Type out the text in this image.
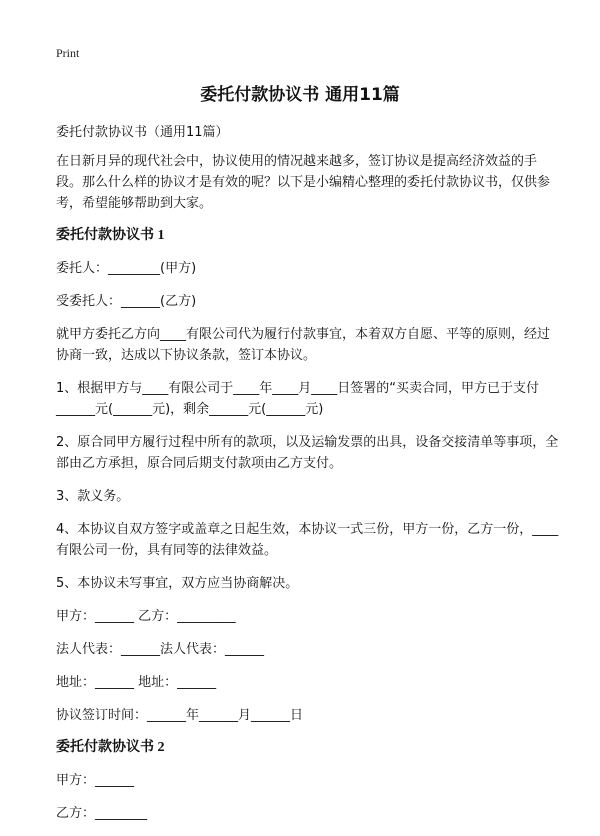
Print
委托付款协议书 通用11篇

委托付款协议书（通用11篇）

在日新月异的现代社会中，协议使用的情况越来越多，签订协议是提高经济效益的手段。那么什么样的协议才是有效的呢？以下是小编精心整理的委托付款协议书，仅供参考，希望能够帮助到大家。

委托付款协议书 1

委托人：________(甲方)

受委托人：______(乙方)

就甲方委托乙方向____有限公司代为履行付款事宜，本着双方自愿、平等的原则，经过协商一致，达成以下协议条款，签订本协议。

1、根据甲方与____有限公司于____年____月____日签署的“买卖合同，甲方已于支付______元(______元)，剩余______元(______元)

2、原合同甲方履行过程中所有的款项，以及运输发票的出具，设备交接清单等事项，全部由乙方承担，原合同后期支付款项由乙方支付。

3、款义务。

4、本协议自双方签字或盖章之日起生效，本协议一式三份，甲方一份，乙方一份，____有限公司一份，具有同等的法律效益。

5、本协议未写事宜，双方应当协商解决。

甲方：______ 乙方：_________

法人代表：______法人代表：______

地址：______ 地址：______

协议签订时间：______年______月______日

委托付款协议书 2

甲方：______

乙方：________
